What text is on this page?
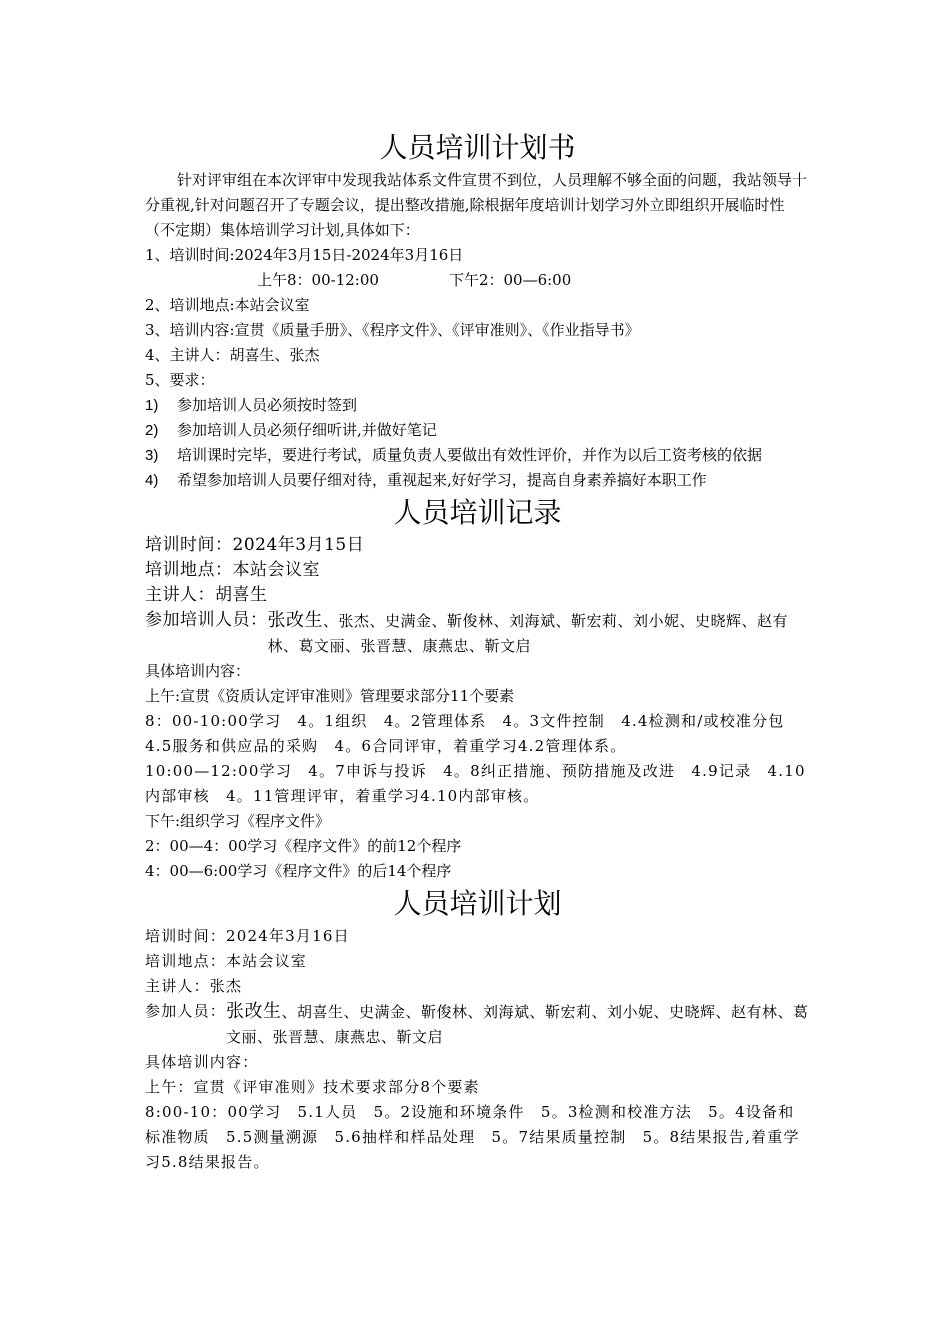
人员培训计划书

针对评审组在本次评审中发现我站体系文件宣贯不到位，人员理解不够全面的问题，我站领导十分重视,针对问题召开了专题会议，提出整改措施,除根据年度培训计划学习外立即组织开展临时性（不定期）集体培训学习计划,具体如下：

1、培训时间:2024年3月15日-2024年3月16日

上午8：00-12:00	下午2：00—6:00

2、培训地点:本站会议室

3、培训内容:宣贯《质量手册》、《程序文件》、《评审准则》、《作业指导书》

4、主讲人：胡喜生、张杰

5、要求：

1)	参加培训人员必须按时签到
2)	参加培训人员必须仔细听讲,并做好笔记
3)	培训课时完毕，要进行考试，质量负责人要做出有效性评价，并作为以后工资考核的依据
4)	希望参加培训人员要仔细对待，重视起来,好好学习，提高自身素养搞好本职工作
人员培训记录

培训时间：2024年3月15日

培训地点：本站会议室

主讲人：胡喜生

参加培训人员： 张改生、张杰、史满金、靳俊林、刘海斌、靳宏莉、刘小妮、史晓辉、赵有林、葛文丽、张晋慧、康燕忠、靳文启

具体培训内容：

上午:宣贯《资质认定评审准则》管理要求部分11个要素

8：00-10:00学习　4。1组织　4。2管理体系　4。3文件控制　4.4检测和/或校准分包　4.5服务和供应品的采购　4。6合同评审，着重学习4.2管理体系。

10:00—12:00学习　4。7申诉与投诉　4。8纠正措施、预防措施及改进　4.9记录　4.10内部审核　4。11管理评审，着重学习4.10内部审核。

下午:组织学习《程序文件》

2：00—4：00学习《程序文件》的前12个程序

4：00—6:00学习《程序文件》的后14个程序

人员培训计划

培训时间：2024年3月16日

培训地点：本站会议室

主讲人：张杰

参加人员： 张改生、胡喜生、史满金、靳俊林、刘海斌、靳宏莉、刘小妮、史晓辉、赵有林、葛文丽、张晋慧、康燕忠、靳文启

具体培训内容：

上午：宣贯《评审准则》技术要求部分8个要素

8:00-10：00学习　5.1人员　5。2设施和环境条件　5。3检测和校准方法　5。4设备和标准物质　5.5测量溯源　5.6抽样和样品处理　5。7结果质量控制　5。8结果报告,着重学习5.8结果报告。
